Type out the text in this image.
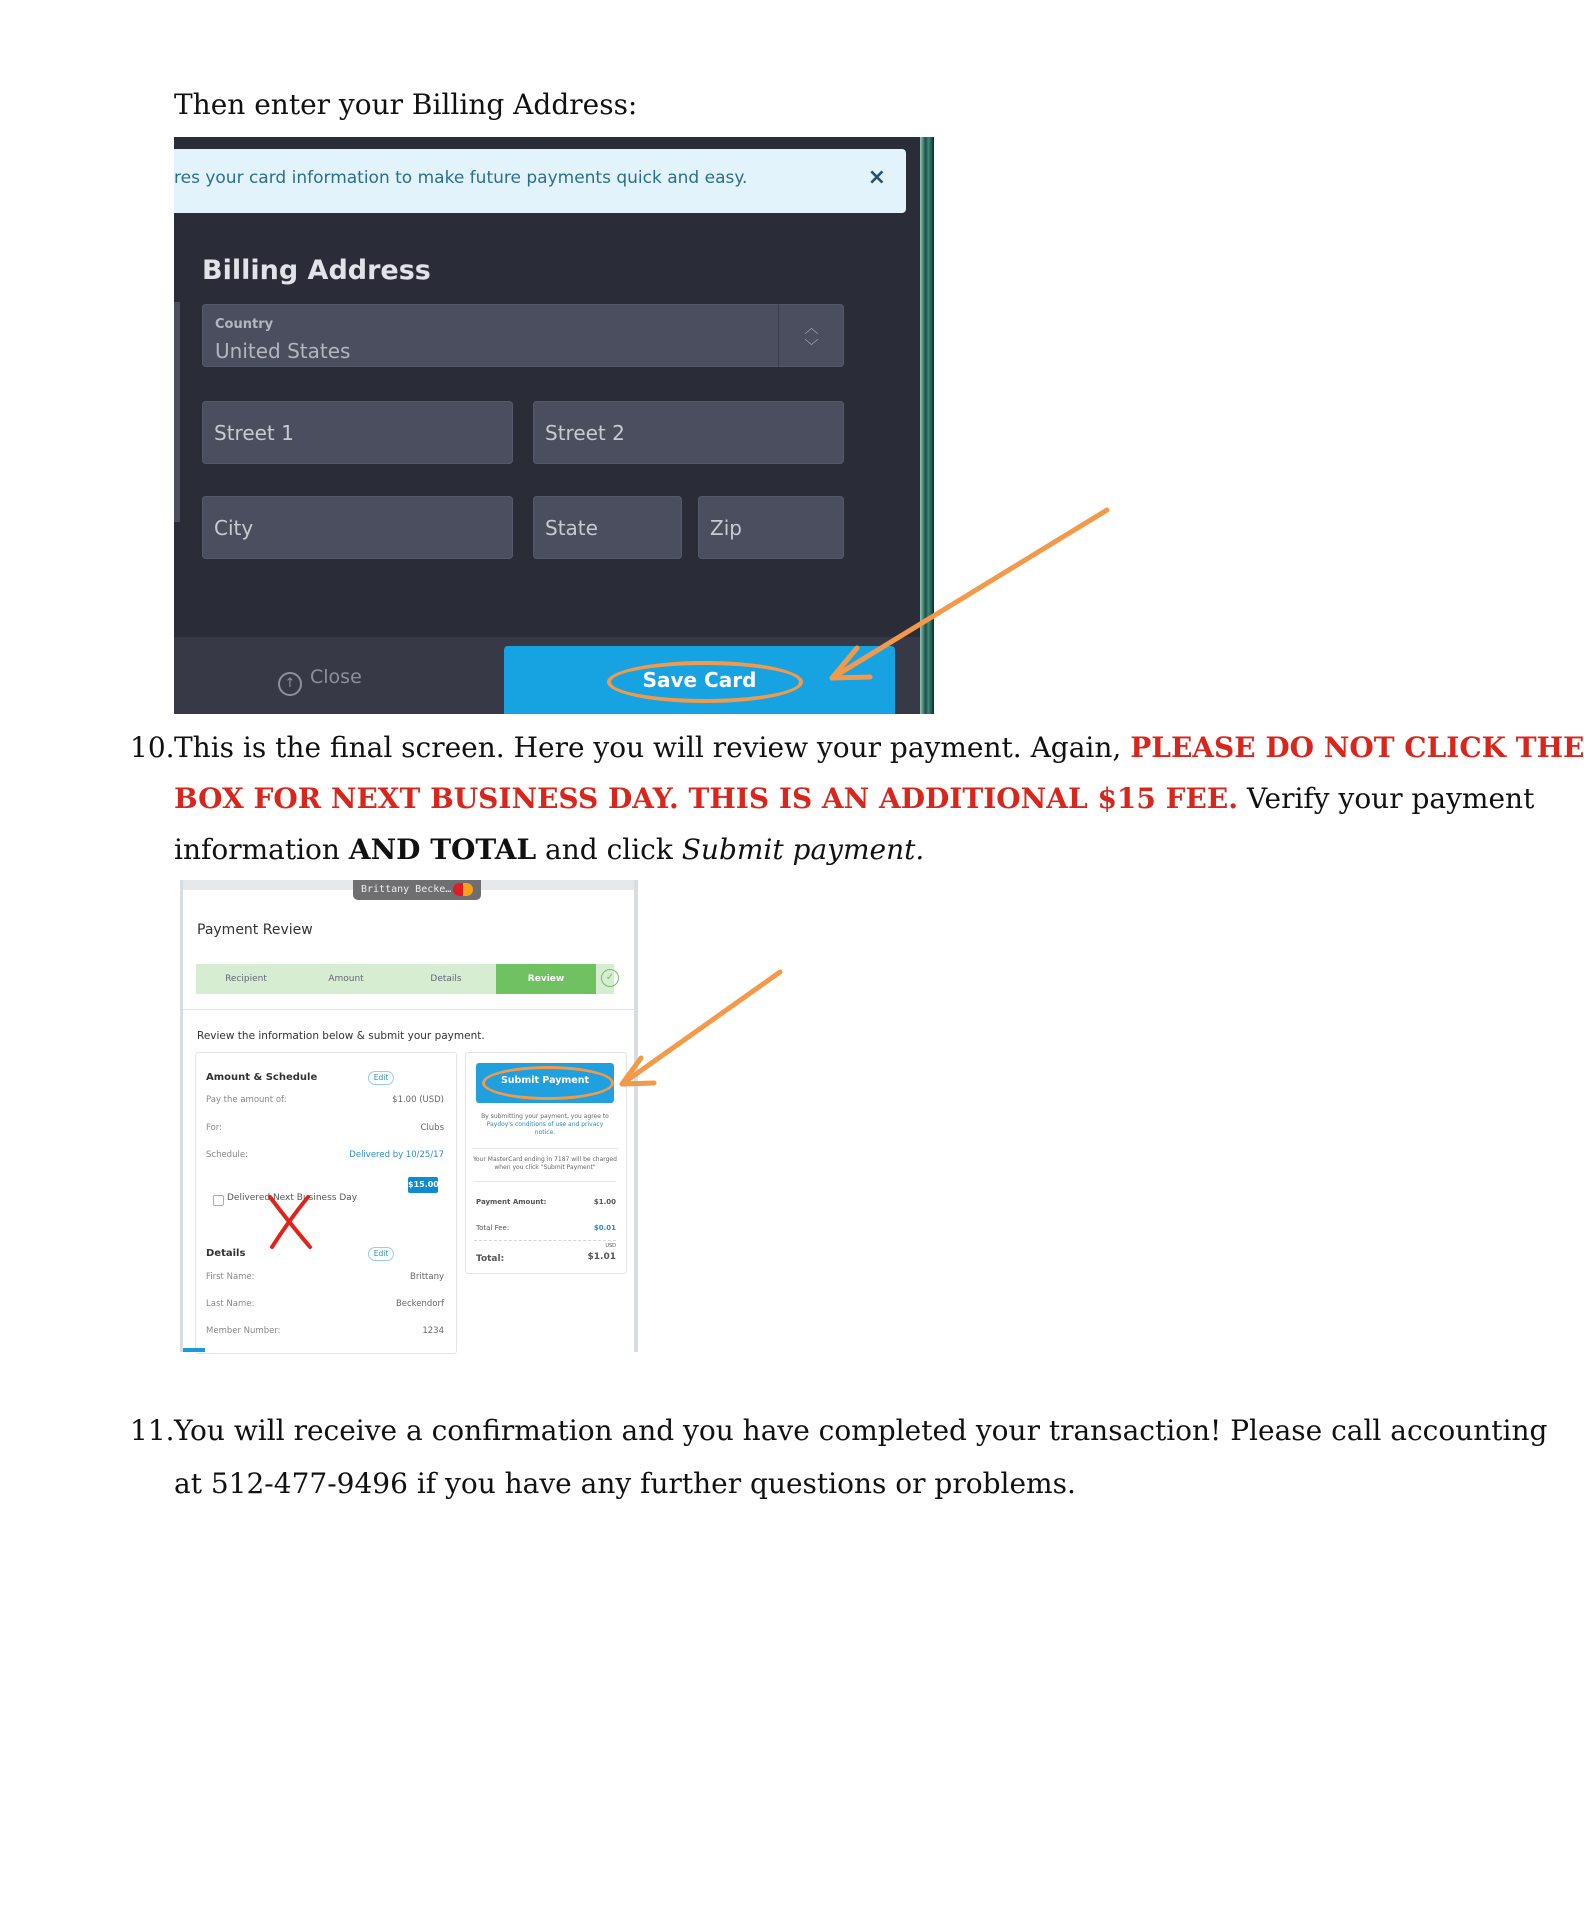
Then enter your Billing Address:
res your card information to make future payments quick and easy.	×
Billing Address
Country
United States
︿
﹀
Street 1	Street 2
City	State	Zip
↑ Close	Save Card
10. This is the final screen. Here you will review your payment. Again, PLEASE DO NOT CLICK THE
BOX FOR NEXT BUSINESS DAY. THIS IS AN ADDITIONAL $15 FEE. Verify your payment
information AND TOTAL and click Submit payment.
Brittany Becke…
Payment Review
Recipient	Amount	Details	Review	✓
Review the information below & submit your payment.
Amount & Schedule	Edit
Pay the amount of:	$1.00 (USD)
For:	Clubs
Schedule:	Delivered by 10/25/17
Delivered Next Business Day
$15.00
Details	Edit
First Name:	Brittany
Last Name:	Beckendorf
Member Number:	1234
Submit Payment
By submitting your payment, you agree to
Paydoy's conditions of use and privacy notice.
Your MasterCard ending in 7187 will be charged
when you click "Submit Payment"
Payment Amount:	$1.00
Total Fee:	$0.01
USD
Total:	$1.01
11. You will receive a confirmation and you have completed your transaction! Please call accounting
at 512-477-9496 if you have any further questions or problems.
